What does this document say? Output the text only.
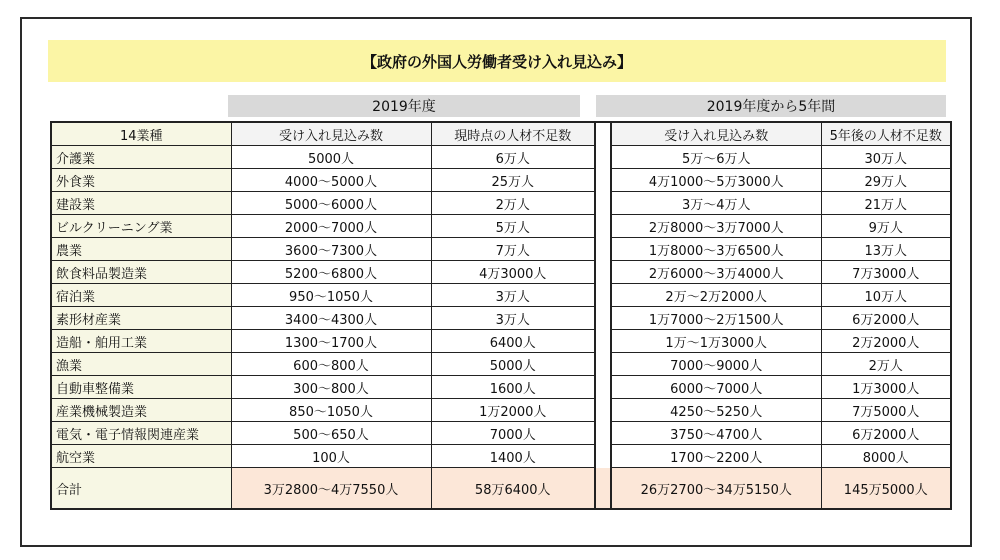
【政府の外国人労働者受け入れ見込み】
2019年度	2019年度から5年間
14業種	受け入れ見込み数	現時点の人材不足数		受け入れ見込み数	5年後の人材不足数
介護業	5000人	6万人		5万～6万人	30万人
外食業	4000～5000人	25万人		4万1000～5万3000人	29万人
建設業	5000～6000人	2万人		3万～4万人	21万人
ビルクリーニング業	2000～7000人	5万人		2万8000～3万7000人	9万人
農業	3600～7300人	7万人		1万8000～3万6500人	13万人
飲食料品製造業	5200～6800人	4万3000人		2万6000～3万4000人	7万3000人
宿泊業	950～1050人	3万人		2万～2万2000人	10万人
素形材産業	3400～4300人	3万人		1万7000～2万1500人	6万2000人
造船・舶用工業	1300～1700人	6400人		1万～1万3000人	2万2000人
漁業	600～800人	5000人		7000～9000人	2万人
自動車整備業	300～800人	1600人		6000～7000人	1万3000人
産業機械製造業	850～1050人	1万2000人		4250～5250人	7万5000人
電気・電子情報関連産業	500～650人	7000人		3750～4700人	6万2000人
航空業	100人	1400人		1700～2200人	8000人
合計	3万2800～4万7550人	58万6400人		26万2700～34万5150人	145万5000人
